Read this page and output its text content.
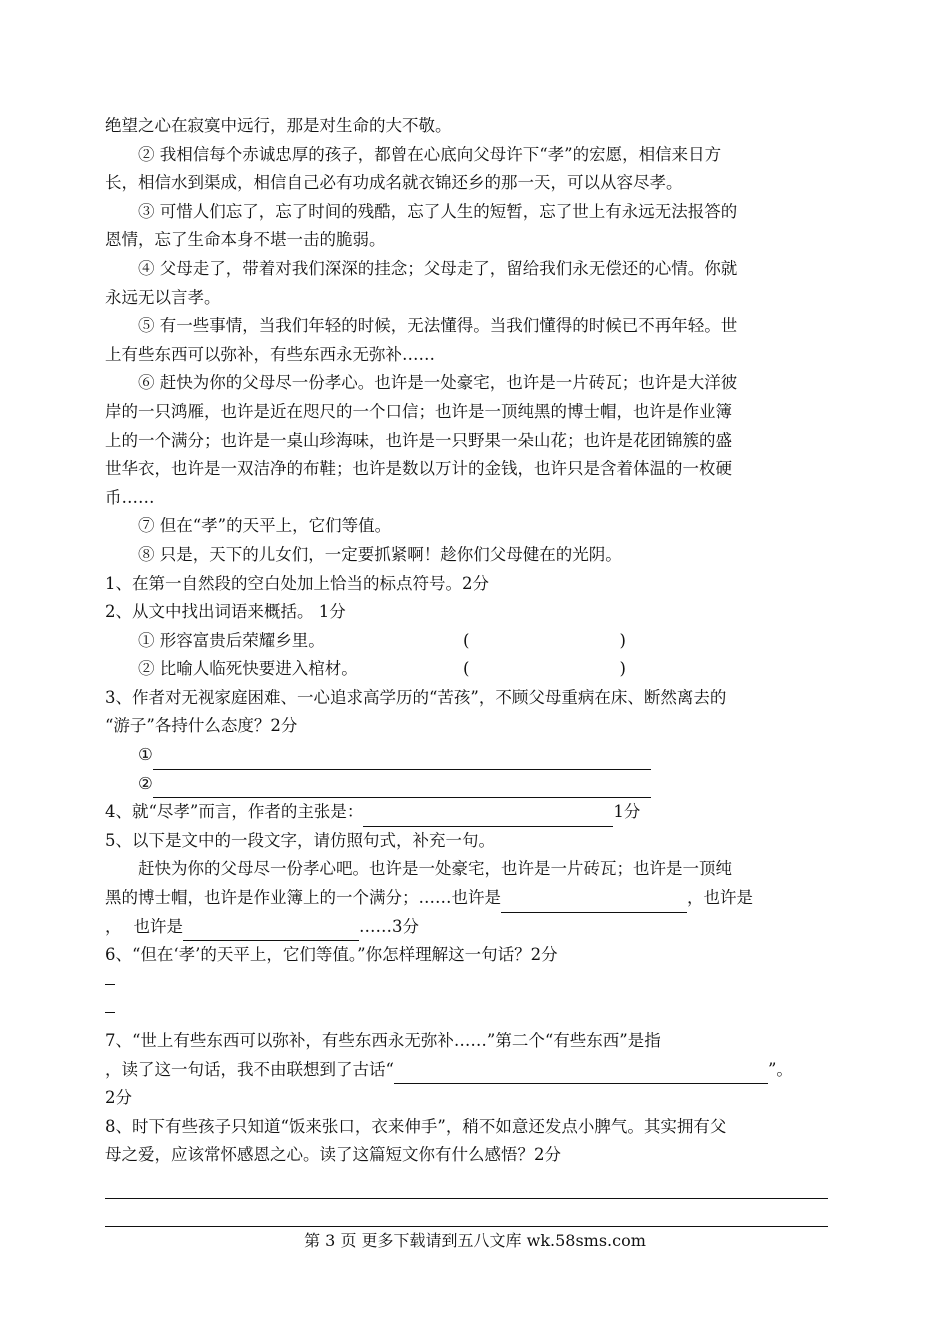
绝望之心在寂寞中远行，那是对生命的大不敬。
② 我相信每个赤诚忠厚的孩子，都曾在心底向父母许下“孝”的宏愿，相信来日方
长，相信水到渠成，相信自己必有功成名就衣锦还乡的那一天，可以从容尽孝。
③ 可惜人们忘了，忘了时间的残酷，忘了人生的短暂，忘了世上有永远无法报答的
恩情，忘了生命本身不堪一击的脆弱。
④ 父母走了，带着对我们深深的挂念；父母走了，留给我们永无偿还的心情。你就
永远无以言孝。
⑤ 有一些事情，当我们年轻的时候，无法懂得。当我们懂得的时候已不再年轻。世
上有些东西可以弥补，有些东西永无弥补……
⑥ 赶快为你的父母尽一份孝心。也许是一处豪宅，也许是一片砖瓦；也许是大洋彼
岸的一只鸿雁，也许是近在咫尺的一个口信；也许是一顶纯黑的博士帽，也许是作业簿
上的一个满分；也许是一桌山珍海味，也许是一只野果一朵山花；也许是花团锦簇的盛
世华衣，也许是一双洁净的布鞋；也许是数以万计的金钱，也许只是含着体温的一枚硬
币……
⑦ 但在“孝”的天平上，它们等值。
⑧ 只是，天下的儿女们，一定要抓紧啊！趁你们父母健在的光阴。
1、在第一自然段的空白处加上恰当的标点符号。2分
2、从文中找出词语来概括。 1分
① 形容富贵后荣耀乡里。	(	)
② 比喻人临死快要进入棺材。	(	)
3、作者对无视家庭困难、一心追求高学历的“苦孩”，不顾父母重病在床、断然离去的
“游子”各持什么态度？2分
①
②
4、就“尽孝”而言，作者的主张是：	1分
5、以下是文中的一段文字，请仿照句式，补充一句。
赶快为你的父母尽一份孝心吧。也许是一处豪宅，也许是一片砖瓦；也许是一顶纯
黑的博士帽，也许是作业簿上的一个满分；……也许是	，也许是
， 也许是	……3分
6、“但在‘孝’的天平上，它们等值。”你怎样理解这一句话？2分
7、“世上有些东西可以弥补，有些东西永无弥补……”第二个“有些东西”是指
，读了这一句话，我不由联想到了古话“	”。
2分
8、时下有些孩子只知道“饭来张口，衣来伸手”，稍不如意还发点小脾气。其实拥有父
母之爱，应该常怀感恩之心。读了这篇短文你有什么感悟？2分
第 3 页 更多下载请到五八文库 wk.58sms.com
